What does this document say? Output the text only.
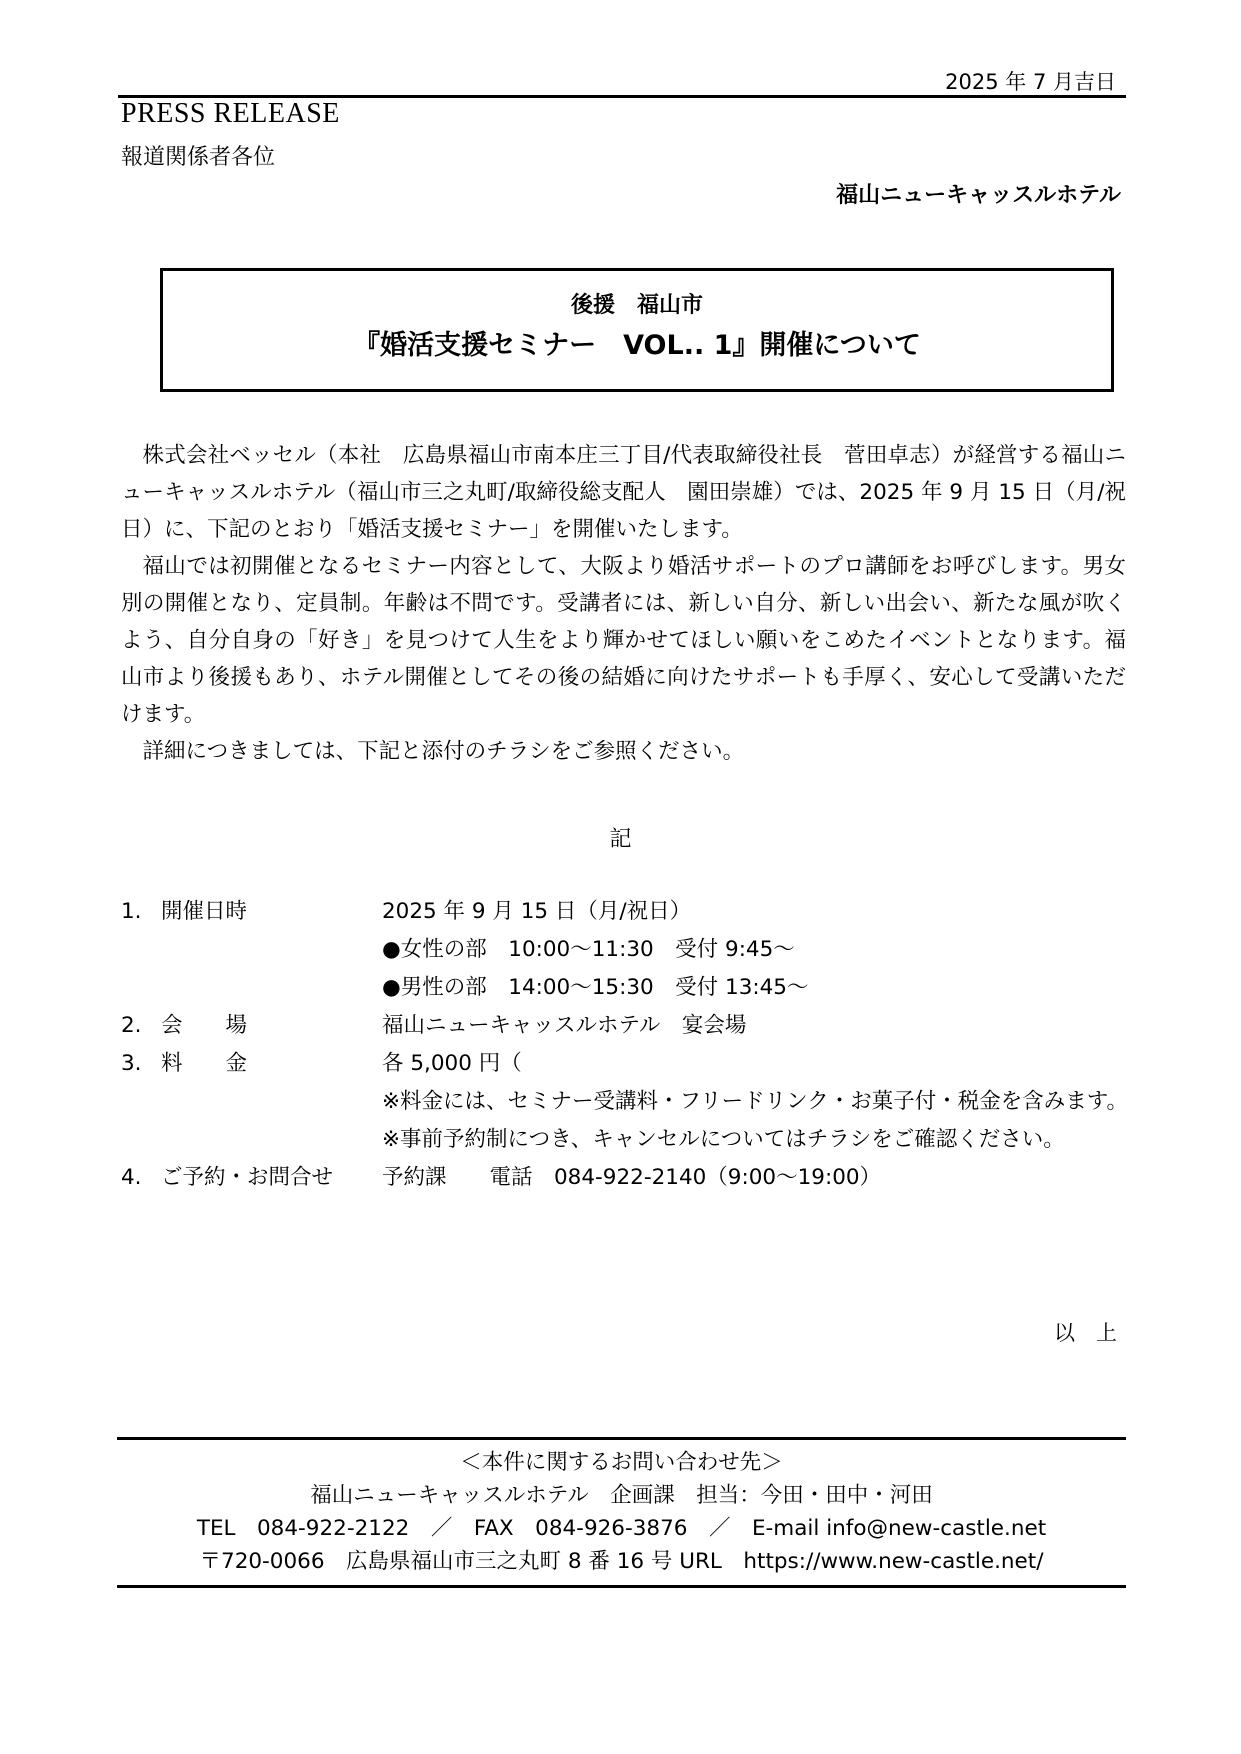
2025 年 7 月吉日
PRESS RELEASE
報道関係者各位
福山ニューキャッスルホテル
後援　福山市
『婚活支援セミナー　VOL.. 1』開催について

株式会社ベッセル（本社　広島県福山市南本庄三丁目/代表取締役社長　菅田卓志）が経営する福山ニューキャッスルホテル（福山市三之丸町/取締役総支配人　園田崇雄）では、2025 年 9 月 15 日（月/祝日）に、下記のとおり「婚活支援セミナー」を開催いたします。

福山では初開催となるセミナー内容として、大阪より婚活サポートのプロ講師をお呼びします。男女別の開催となり、定員制。年齢は不問です。受講者には、新しい自分、新しい出会い、新たな風が吹くよう、自分自身の「好き」を見つけて人生をより輝かせてほしい願いをこめたイベントとなります。福山市より後援もあり、ホテル開催としてその後の結婚に向けたサポートも手厚く、安心して受講いただけます。

詳細につきましては、下記と添付のチラシをご参照ください。

記
1. 開催日時	2025 年 9 月 15 日（月/祝日）
●女性の部　10:00～11:30　受付 9:45～
●男性の部　14:00～15:30　受付 13:45～
2. 会　　場	福山ニューキャッスルホテル　宴会場
3. 料　　金	各 5,000 円（
※料金には、セミナー受講料・フリードリンク・お菓子付・税金を含みます。
※事前予約制につき、キャンセルについてはチラシをご確認ください。
4. ご予約・お問合せ	予約課　　電話　084-922-2140（9:00～19:00）
以　上
＜本件に関するお問い合わせ先＞
福山ニューキャッスルホテル　企画課　担当：今田・田中・河田
TEL　084-922-2122　／　FAX　084-926-3876　／　E-mail info@new-castle.net
〒720-0066　広島県福山市三之丸町 8 番 16 号 URL　https://www.new-castle.net/
